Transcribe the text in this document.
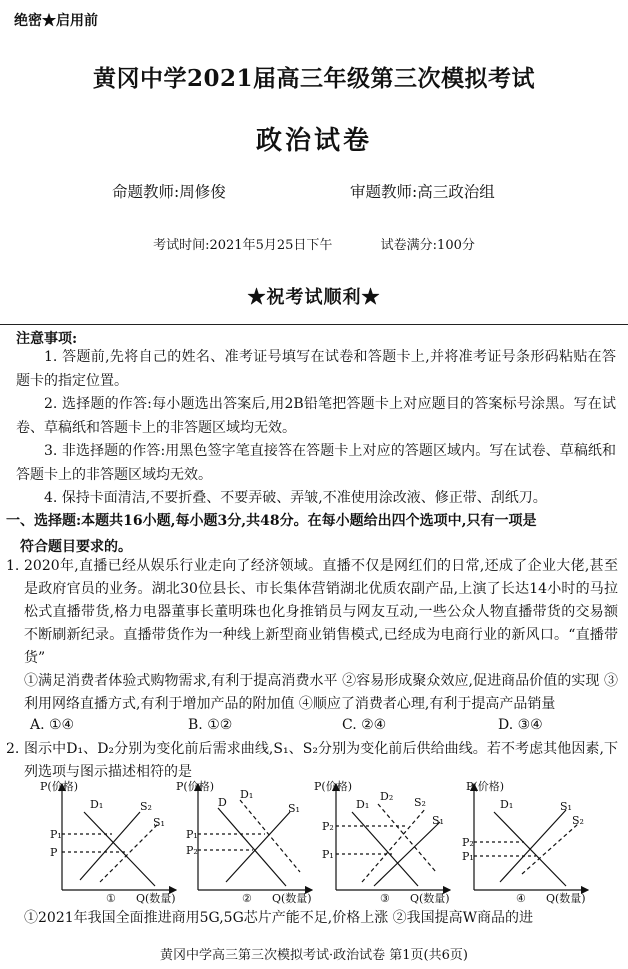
绝密★启用前
黄冈中学2021届高三年级第三次模拟考试
政治试卷
命题教师:周修俊	审题教师:高三政治组
考试时间:2021年5月25日下午	试卷满分:100分
★祝考试顺利★
注意事项:
1. 答题前,先将自己的姓名、准考证号填写在试卷和答题卡上,并将准考证号条形码粘贴在答题卡的指定位置。
2. 选择题的作答:每小题选出答案后,用2B铅笔把答题卡上对应题目的答案标号涂黑。写在试卷、草稿纸和答题卡上的非答题区域均无效。
3. 非选择题的作答:用黑色签字笔直接答在答题卡上对应的答题区域内。写在试卷、草稿纸和答题卡上的非答题区域均无效。
4. 保持卡面清洁,不要折叠、不要弄破、弄皱,不准使用涂改液、修正带、刮纸刀。
一、选择题:本题共16小题,每小题3分,共48分。在每小题给出四个选项中,只有一项是
符合题目要求的。
1. 2020年,直播已经从娱乐行业走向了经济领域。直播不仅是网红们的日常,还成了企业大佬,甚至是政府官员的业务。湖北30位县长、市长集体营销湖北优质农副产品,上演了长达14小时的马拉松式直播带货,格力电器董事长董明珠也化身推销员与网友互动,一些公众人物直播带货的交易额不断刷新纪录。直播带货作为一种线上新型商业销售模式,已经成为电商行业的新风口。“直播带货”
①满足消费者体验式购物需求,有利于提高消费水平 ②容易形成聚众效应,促进商品价值的实现 ③利用网络直播方式,有利于增加产品的附加值 ④顺应了消费者心理,有利于提高产品销量
A. ①④	B. ①②	C. ②④	D. ③④
2. 图示中D₁、D₂分别为变化前后需求曲线,S₁、S₂分别为变化前后供给曲线。若不考虑其他因素,下列选项与图示描述相符的是
P(价格)
Q(数量)
①
D₁	S₂
S₁
P₁
P
P(价格)
Q(数量)
②
D
D₁
S₁
P₁
P₂
P(价格)
Q(数量)
③
D₁
D₂ S₂
S₁
P₂
P₁
P(价格)
Q(数量)
④
D₁	S₁
S₂
P₂
P₁
①2021年我国全面推进商用5G,5G芯片产能不足,价格上涨 ②我国提高W商品的进
黄冈中学高三第三次模拟考试·政治试卷 第1页(共6页)
